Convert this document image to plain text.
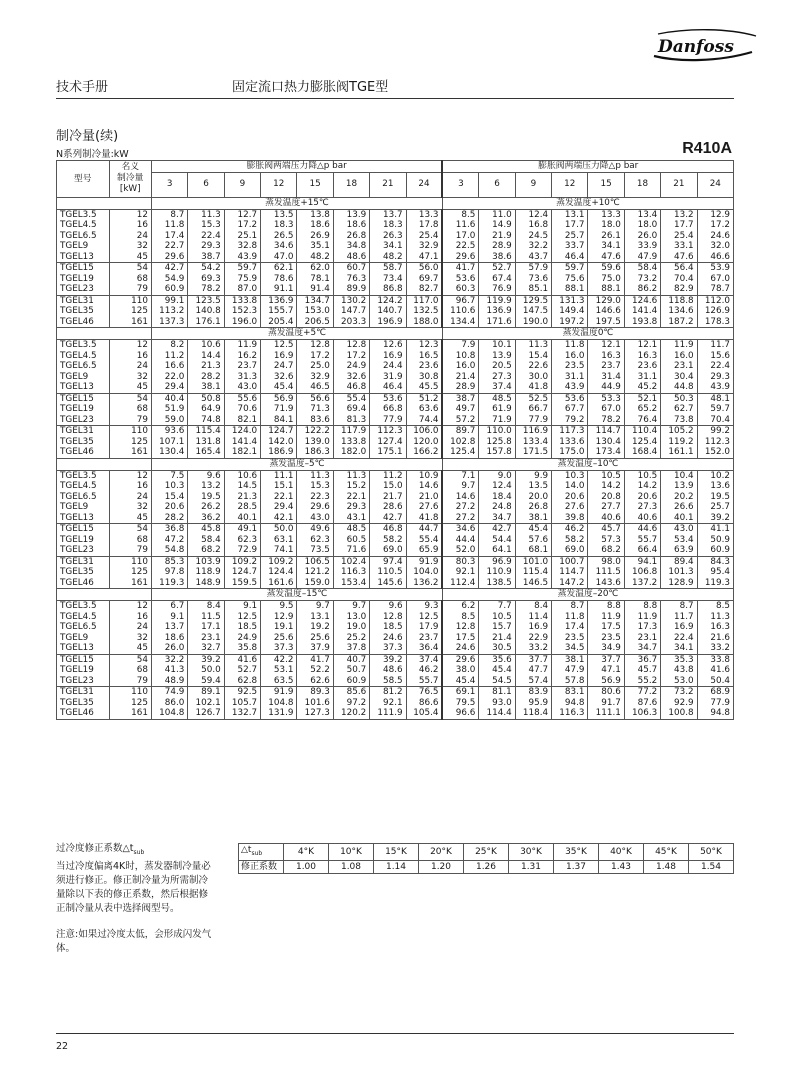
Danfoss
技术手册	固定流口热力膨胀阀TGE型
制冷量(续)
N系列制冷量:kW	R410A
型号	名义
制冷量
[kW]	膨胀阀两端压力降△p bar								膨胀阀两端压力降△p bar							
		3	6	9	12	15	18	21	24	3	6	9	12	15	18	21	24
		蒸发温度+15℃								蒸发温度+10℃							
TGEL3.5	12	8.7	11.3	12.7	13.5	13.8	13.9	13.7	13.3	8.5	11.0	12.4	13.1	13.3	13.4	13.2	12.9
TGEL4.5	16	11.8	15.3	17.2	18.3	18.6	18.6	18.3	17.8	11.6	14.9	16.8	17.7	18.0	18.0	17.7	17.2
TGEL6.5	24	17.4	22.4	25.1	26.5	26.9	26.8	26.3	25.4	17.0	21.9	24.5	25.7	26.1	26.0	25.4	24.6
TGEL9	32	22.7	29.3	32.8	34.6	35.1	34.8	34.1	32.9	22.5	28.9	32.2	33.7	34.1	33.9	33.1	32.0
TGEL13	45	29.6	38.7	43.9	47.0	48.2	48.6	48.2	47.1	29.6	38.6	43.7	46.4	47.6	47.9	47.6	46.6
TGEL15	54	42.7	54.2	59.7	62.1	62.0	60.7	58.7	56.0	41.7	52.7	57.9	59.7	59.6	58.4	56.4	53.9
TGEL19	68	54.9	69.3	75.9	78.6	78.1	76.3	73.4	69.7	53.6	67.4	73.6	75.6	75.0	73.2	70.4	67.0
TGEL23	79	60.9	78.2	87.0	91.1	91.4	89.9	86.8	82.7	60.3	76.9	85.1	88.1	88.1	86.2	82.9	78.7
TGEL31	110	99.1	123.5	133.8	136.9	134.7	130.2	124.2	117.0	96.7	119.9	129.5	131.3	129.0	124.6	118.8	112.0
TGEL35	125	113.2	140.8	152.3	155.7	153.0	147.7	140.7	132.5	110.6	136.9	147.5	149.4	146.6	141.4	134.6	126.9
TGEL46	161	137.3	176.1	196.0	205.4	206.5	203.3	196.9	188.0	134.4	171.6	190.0	197.2	197.5	193.8	187.2	178.3
		蒸发温度+5℃								蒸发温度0℃							
TGEL3.5	12	8.2	10.6	11.9	12.5	12.8	12.8	12.6	12.3	7.9	10.1	11.3	11.8	12.1	12.1	11.9	11.7
TGEL4.5	16	11.2	14.4	16.2	16.9	17.2	17.2	16.9	16.5	10.8	13.9	15.4	16.0	16.3	16.3	16.0	15.6
TGEL6.5	24	16.6	21.3	23.7	24.7	25.0	24.9	24.4	23.6	16.0	20.5	22.6	23.5	23.7	23.6	23.1	22.4
TGEL9	32	22.0	28.2	31.3	32.6	32.9	32.6	31.9	30.8	21.4	27.3	30.0	31.1	31.4	31.1	30.4	29.3
TGEL13	45	29.4	38.1	43.0	45.4	46.5	46.8	46.4	45.5	28.9	37.4	41.8	43.9	44.9	45.2	44.8	43.9
TGEL15	54	40.4	50.8	55.6	56.9	56.6	55.4	53.6	51.2	38.7	48.5	52.5	53.6	53.3	52.1	50.3	48.1
TGEL19	68	51.9	64.9	70.6	71.9	71.3	69.4	66.8	63.6	49.7	61.9	66.7	67.7	67.0	65.2	62.7	59.7
TGEL23	79	59.0	74.8	82.1	84.1	83.6	81.3	77.9	74.4	57.2	71.9	77.9	79.2	78.2	76.4	73.8	70.4
TGEL31	110	93.6	115.4	124.0	124.7	122.2	117.9	112.3	106.0	89.7	110.0	116.9	117.3	114.7	110.4	105.2	99.2
TGEL35	125	107.1	131.8	141.4	142.0	139.0	133.8	127.4	120.0	102.8	125.8	133.4	133.6	130.4	125.4	119.2	112.3
TGEL46	161	130.4	165.4	182.1	186.9	186.3	182.0	175.1	166.2	125.4	157.8	171.5	175.0	173.4	168.4	161.1	152.0
		蒸发温度–5℃								蒸发温度–10℃							
TGEL3.5	12	7.5	9.6	10.6	11.1	11.3	11.3	11.2	10.9	7.1	9.0	9.9	10.3	10.5	10.5	10.4	10.2
TGEL4.5	16	10.3	13.2	14.5	15.1	15.3	15.2	15.0	14.6	9.7	12.4	13.5	14.0	14.2	14.2	13.9	13.6
TGEL6.5	24	15.4	19.5	21.3	22.1	22.3	22.1	21.7	21.0	14.6	18.4	20.0	20.6	20.8	20.6	20.2	19.5
TGEL9	32	20.6	26.2	28.5	29.4	29.6	29.3	28.6	27.6	27.2	24.8	26.8	27.6	27.7	27.3	26.6	25.7
TGEL13	45	28.2	36.2	40.1	42.1	43.0	43.1	42.7	41.8	27.2	34.7	38.1	39.8	40.6	40.6	40.1	39.2
TGEL15	54	36.8	45.8	49.1	50.0	49.6	48.5	46.8	44.7	34.6	42.7	45.4	46.2	45.7	44.6	43.0	41.1
TGEL19	68	47.2	58.4	62.3	63.1	62.3	60.5	58.2	55.4	44.4	54.4	57.6	58.2	57.3	55.7	53.4	50.9
TGEL23	79	54.8	68.2	72.9	74.1	73.5	71.6	69.0	65.9	52.0	64.1	68.1	69.0	68.2	66.4	63.9	60.9
TGEL31	110	85.3	103.9	109.2	109.2	106.5	102.4	97.4	91.9	80.3	96.9	101.0	100.7	98.0	94.1	89.4	84.3
TGEL35	125	97.8	118.9	124.7	124.4	121.2	116.3	110.5	104.0	92.1	110.9	115.4	114.7	111.5	106.8	101.3	95.4
TGEL46	161	119.3	148.9	159.5	161.6	159.0	153.4	145.6	136.2	112.4	138.5	146.5	147.2	143.6	137.2	128.9	119.3
		蒸发温度–15℃								蒸发温度–20℃							
TGEL3.5	12	6.7	8.4	9.1	9.5	9.7	9.7	9.6	9.3	6.2	7.7	8.4	8.7	8.8	8.8	8.7	8.5
TGEL4.5	16	9.1	11.5	12.5	12.9	13.1	13.0	12.8	12.5	8.5	10.5	11.4	11.8	11.9	11.9	11.7	11.3
TGEL6.5	24	13.7	17.1	18.5	19.1	19.2	19.0	18.5	17.9	12.8	15.7	16.9	17.4	17.5	17.3	16.9	16.3
TGEL9	32	18.6	23.1	24.9	25.6	25.6	25.2	24.6	23.7	17.5	21.4	22.9	23.5	23.5	23.1	22.4	21.6
TGEL13	45	26.0	32.7	35.8	37.3	37.9	37.8	37.3	36.4	24.6	30.5	33.2	34.5	34.9	34.7	34.1	33.2
TGEL15	54	32.2	39.2	41.6	42.2	41.7	40.7	39.2	37.4	29.6	35.6	37.7	38.1	37.7	36.7	35.3	33.8
TGEL19	68	41.3	50.0	52.7	53.1	52.2	50.7	48.6	46.2	38.0	45.4	47.7	47.9	47.1	45.7	43.8	41.6
TGEL23	79	48.9	59.4	62.8	63.5	62.6	60.9	58.5	55.7	45.4	54.5	57.4	57.8	56.9	55.2	53.0	50.4
TGEL31	110	74.9	89.1	92.5	91.9	89.3	85.6	81.2	76.5	69.1	81.1	83.9	83.1	80.6	77.2	73.2	68.9
TGEL35	125	86.0	102.1	105.7	104.8	101.6	97.2	92.1	86.6	79.5	93.0	95.9	94.8	91.7	87.6	92.9	77.9
TGEL46	161	104.8	126.7	132.7	131.9	127.3	120.2	111.9	105.4	96.6	114.4	118.4	116.3	111.1	106.3	100.8	94.8

过冷度修正系数$\triangle t_{sub}$
当过冷度偏离4K时，蒸发器制冷量必须进行修正。修正制冷量为所需制冷量除以下表的修正系数，然后根据修正制冷量从表中选择阀型号。

注意:如果过冷度太低，会形成闪发气体。

$\triangle t_{sub}$	4°K	10°K	15°K	20°K	25°K	30°K	35°K	40°K	45°K	50°K
修正系数	1.00	1.08	1.14	1.20	1.26	1.31	1.37	1.43	1.48	1.54
22
